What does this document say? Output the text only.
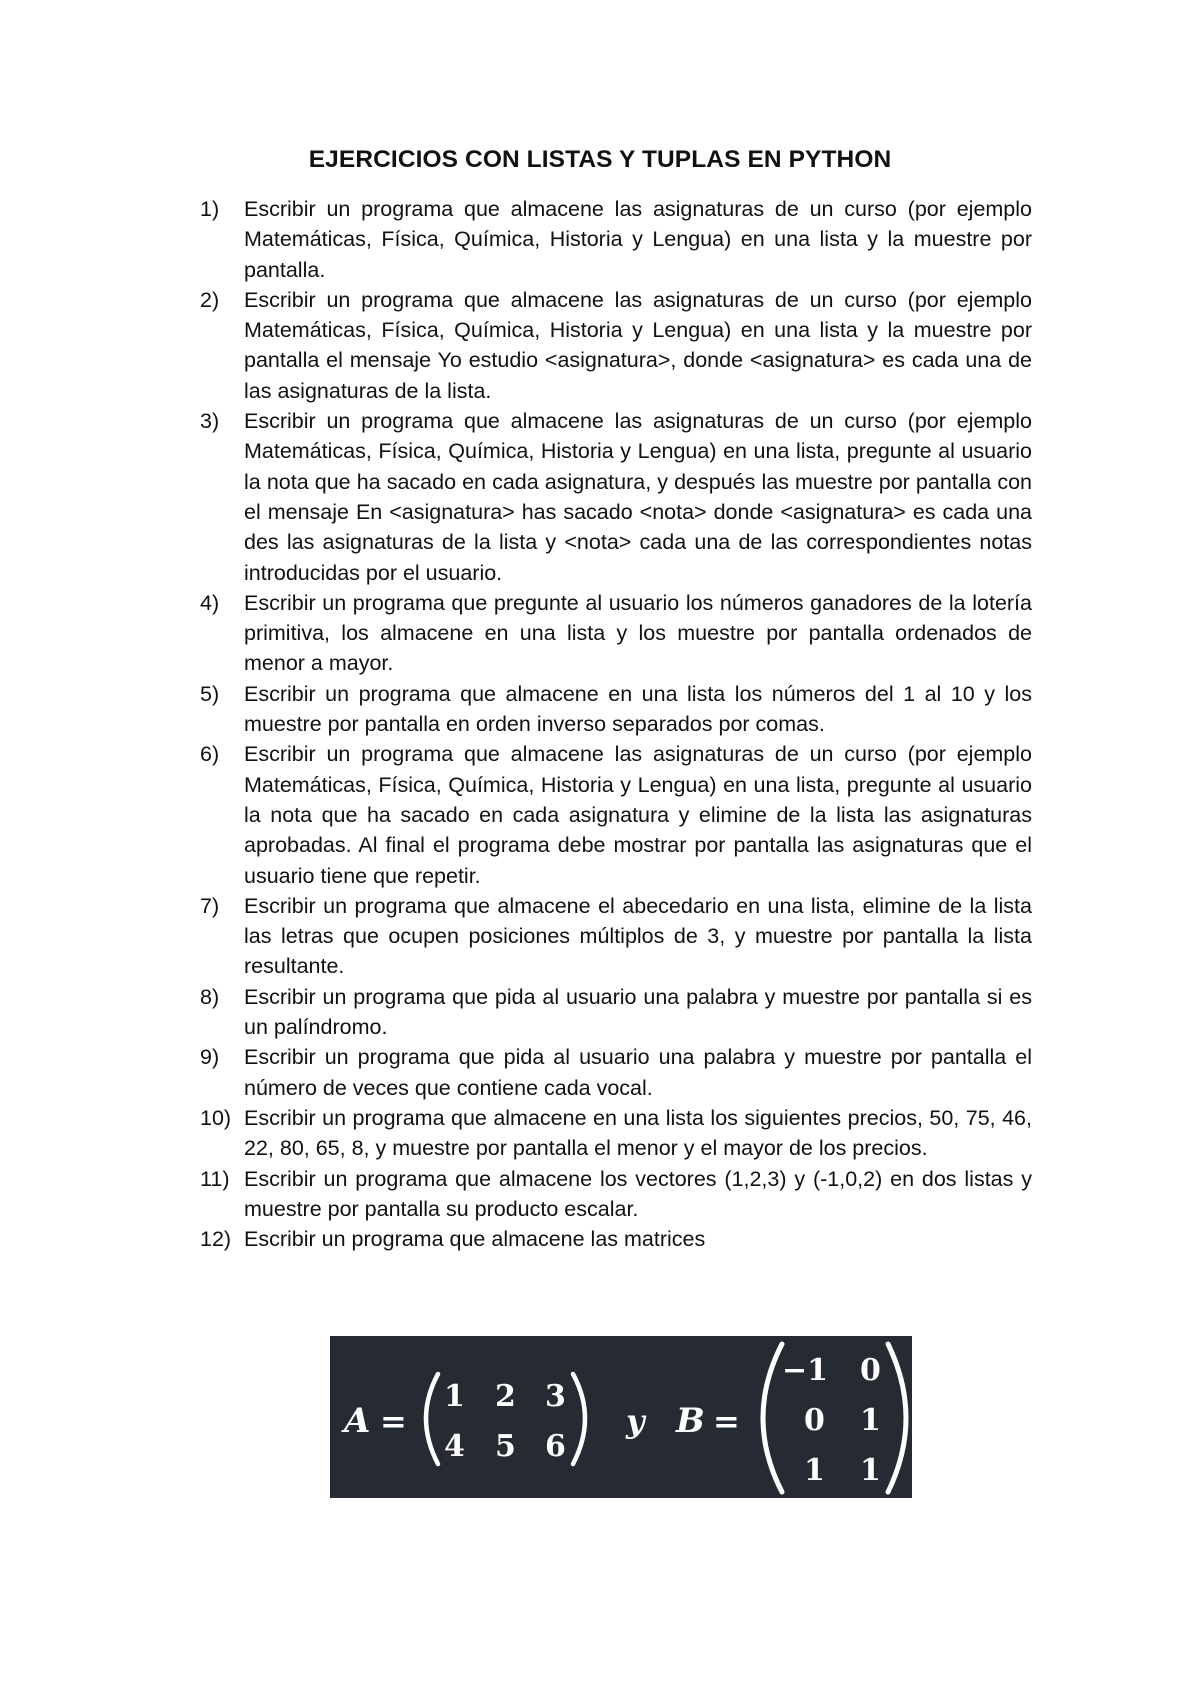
EJERCICIOS CON LISTAS Y TUPLAS EN PYTHON
1) Escribir un programa que almacene las asignaturas de un curso (por ejemplo Matemáticas, Física, Química, Historia y Lengua) en una lista y la muestre por pantalla.
2) Escribir un programa que almacene las asignaturas de un curso (por ejemplo Matemáticas, Física, Química, Historia y Lengua) en una lista y la muestre por pantalla el mensaje Yo estudio <asignatura>, donde <asignatura> es cada una de las asignaturas de la lista.
3) Escribir un programa que almacene las asignaturas de un curso (por ejemplo Matemáticas, Física, Química, Historia y Lengua) en una lista, pregunte al usuario la nota que ha sacado en cada asignatura, y después las muestre por pantalla con el mensaje En <asignatura> has sacado <nota> donde <asignatura> es cada una des las asignaturas de la lista y <nota> cada una de las correspondientes notas introducidas por el usuario.
4) Escribir un programa que pregunte al usuario los números ganadores de la lotería primitiva, los almacene en una lista y los muestre por pantalla ordenados de menor a mayor.
5) Escribir un programa que almacene en una lista los números del 1 al 10 y los muestre por pantalla en orden inverso separados por comas.
6) Escribir un programa que almacene las asignaturas de un curso (por ejemplo Matemáticas, Física, Química, Historia y Lengua) en una lista, pregunte al usuario la nota que ha sacado en cada asignatura y elimine de la lista las asignaturas aprobadas. Al final el programa debe mostrar por pantalla las asignaturas que el usuario tiene que repetir.
7) Escribir un programa que almacene el abecedario en una lista, elimine de la lista las letras que ocupen posiciones múltiplos de 3, y muestre por pantalla la lista resultante.
8) Escribir un programa que pida al usuario una palabra y muestre por pantalla si es un palíndromo.
9) Escribir un programa que pida al usuario una palabra y muestre por pantalla el número de veces que contiene cada vocal.
10) Escribir un programa que almacene en una lista los siguientes precios, 50, 75, 46, 22, 80, 65, 8, y muestre por pantalla el menor y el mayor de los precios.
11) Escribir un programa que almacene los vectores (1,2,3) y (-1,0,2) en dos listas y muestre por pantalla su producto escalar.
12) Escribir un programa que almacene las matrices
A =
1 2 3
4 5 6
y B =
−1 0
0 1
1 1
